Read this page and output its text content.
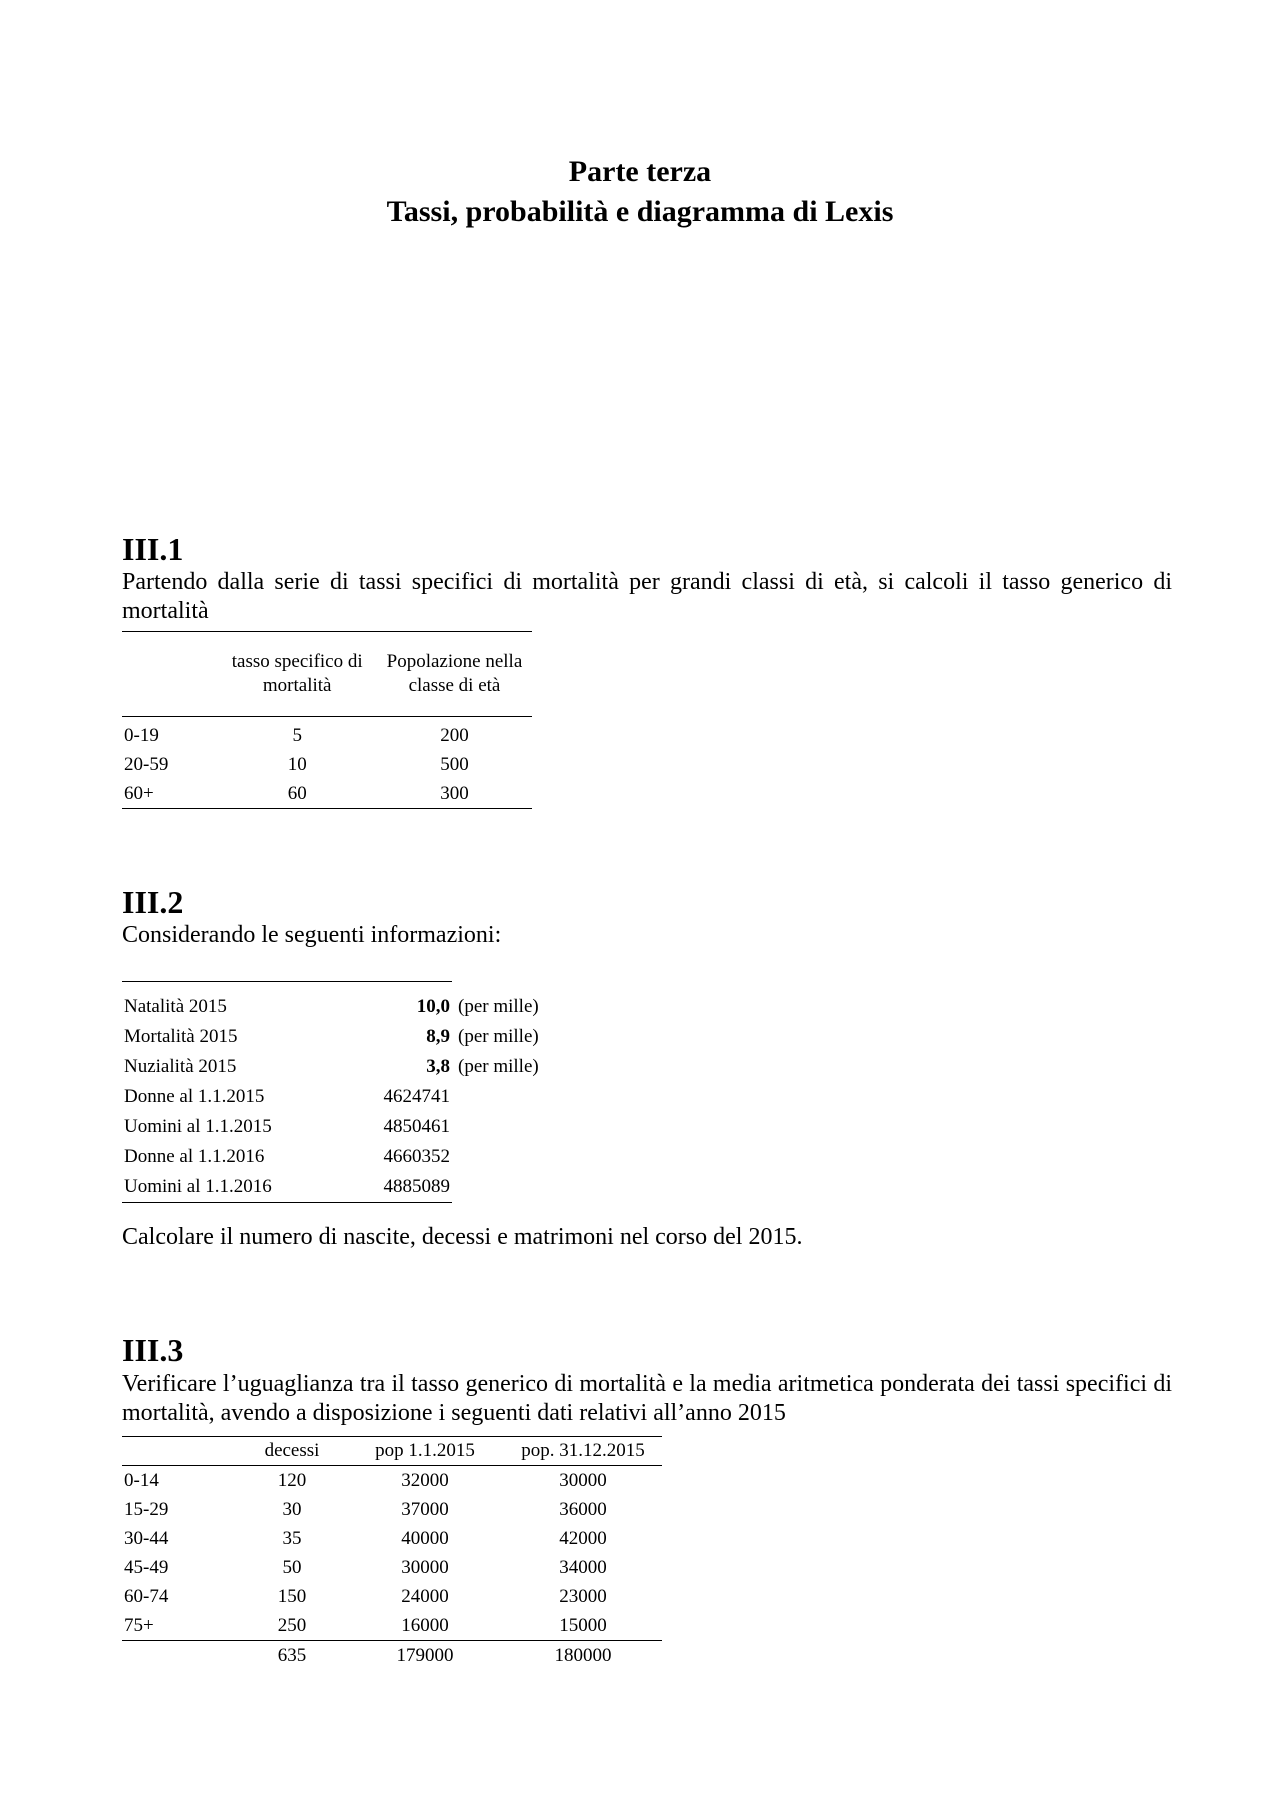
Parte terza
Tassi, probabilità e diagramma di Lexis
III.1
Partendo dalla serie di tassi specifici di mortalità per grandi classi di età, si calcoli il tasso generico di mortalità
	tasso specifico di mortalità	Popolazione nella classe di età
0-19	5	200
20-59	10	500
60+	60	300
III.2
Considerando le seguenti informazioni:

Natalità 2015	10,0	(per mille)
Mortalità 2015	8,9	(per mille)
Nuzialità 2015	3,8	(per mille)
Donne al 1.1.2015	4624741	
Uomini al 1.1.2015	4850461	
Donne al 1.1.2016	4660352	
Uomini al 1.1.2016	4885089	
Calcolare il numero di nascite, decessi e matrimoni nel corso del 2015.
III.3
Verificare l’uguaglianza tra il tasso generico di mortalità e la media aritmetica ponderata dei tassi specifici di mortalità, avendo a disposizione i seguenti dati relativi all’anno 2015
	decessi	pop 1.1.2015	pop. 31.12.2015
0-14	120	32000	30000
15-29	30	37000	36000
30-44	35	40000	42000
45-49	50	30000	34000
60-74	150	24000	23000
75+	250	16000	15000
	635	179000	180000
